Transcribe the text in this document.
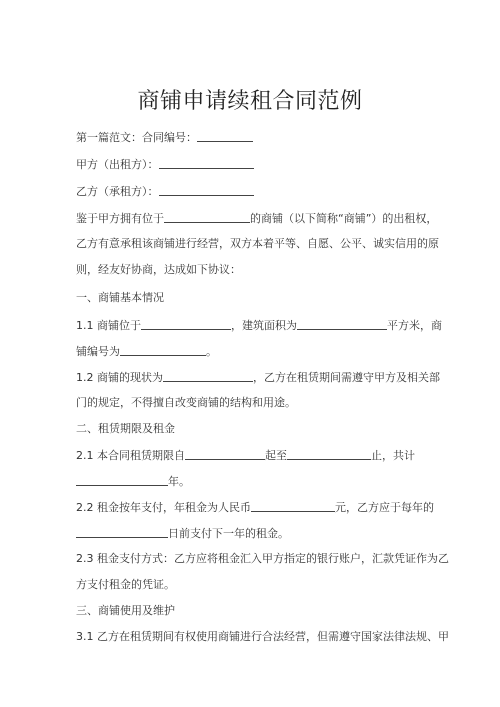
商铺申请续租合同范例
第一篇范文：合同编号：
甲方（出租方）：
乙方（承租方）：
鉴于甲方拥有位于	的商铺（以下简称“商铺”）的出租权，
乙方有意承租该商铺进行经营，双方本着平等、自愿、公平、诚实信用的原
则，经友好协商，达成如下协议：
一、商铺基本情况
1.1 商铺位于	，建筑面积为	平方米，商
铺编号为	。
1.2 商铺的现状为	，乙方在租赁期间需遵守甲方及相关部
门的规定，不得擅自改变商铺的结构和用途。
二、租赁期限及租金
2.1 本合同租赁期限自	起至	止，共计
年。
2.2 租金按年支付，年租金为人民币	元，乙方应于每年的
日前支付下一年的租金。
2.3 租金支付方式：乙方应将租金汇入甲方指定的银行账户，汇款凭证作为乙
方支付租金的凭证。
三、商铺使用及维护
3.1 乙方在租赁期间有权使用商铺进行合法经营，但需遵守国家法律法规、甲
